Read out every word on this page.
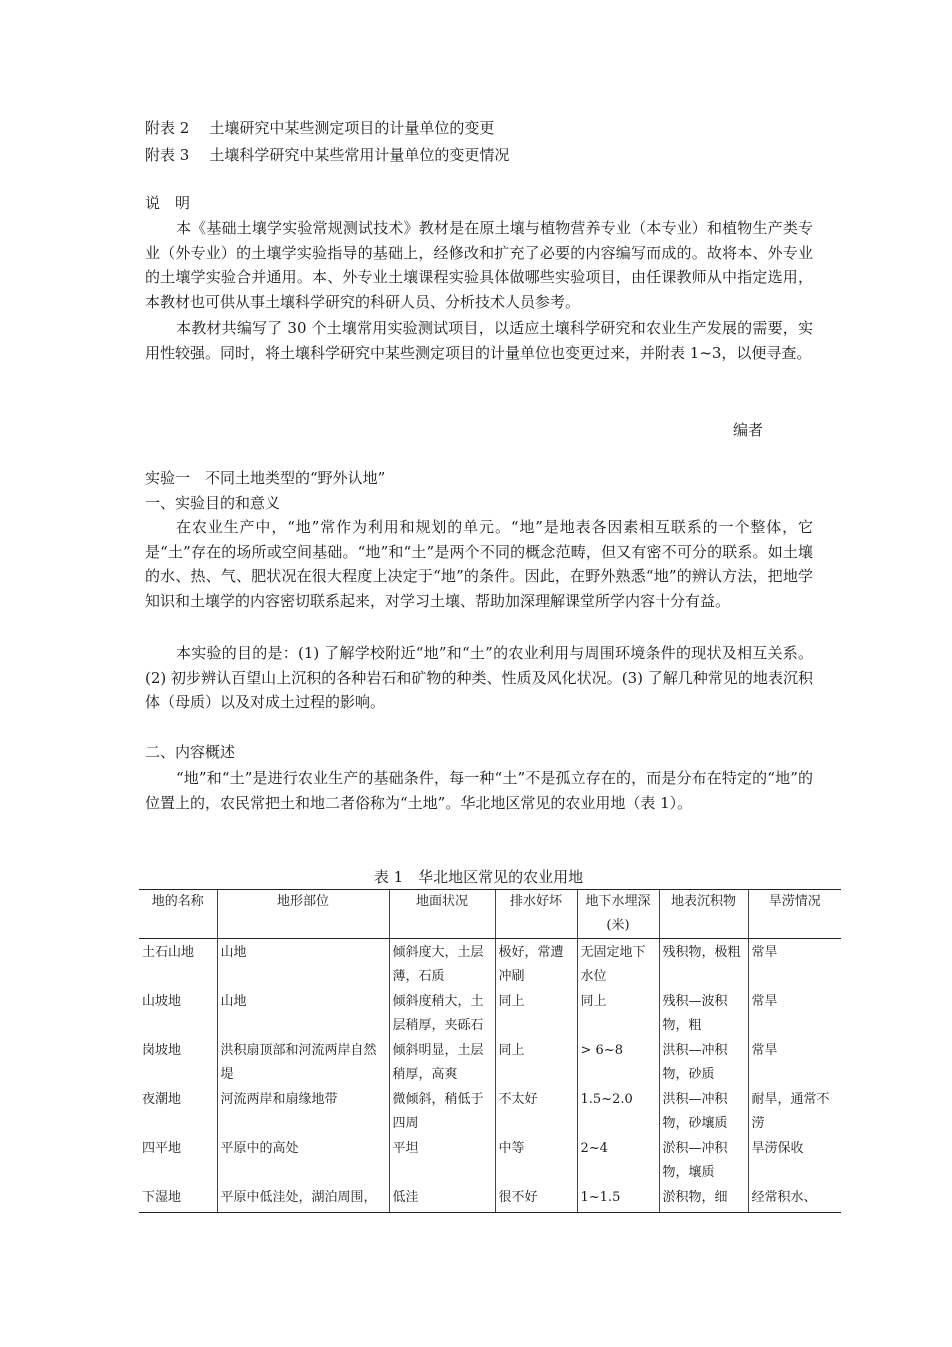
附表 2 土壤研究中某些测定项目的计量单位的变更
附表 3 土壤科学研究中某些常用计量单位的变更情况
说　明
本《基础土壤学实验常规测试技术》教材是在原土壤与植物营养专业（本专业）和植物生产类专业（外专业）的土壤学实验指导的基础上，经修改和扩充了必要的内容编写而成的。故将本、外专业的土壤学实验合并通用。本、外专业土壤课程实验具体做哪些实验项目，由任课教师从中指定选用，本教材也可供从事土壤科学研究的科研人员、分析技术人员参考。
本教材共编写了 30 个土壤常用实验测试项目，以适应土壤科学研究和农业生产发展的需要，实用性较强。同时，将土壤科学研究中某些测定项目的计量单位也变更过来，并附表 1~3，以便寻查。
编者
实验一　不同土地类型的“野外认地”
一、实验目的和意义
在农业生产中，“地”常作为利用和规划的单元。“地”是地表各因素相互联系的一个整体，它是“土”存在的场所或空间基础。“地”和“土”是两个不同的概念范畴，但又有密不可分的联系。如土壤的水、热、气、肥状况在很大程度上决定于“地”的条件。因此，在野外熟悉“地”的辨认方法，把地学知识和土壤学的内容密切联系起来，对学习土壤、帮助加深理解课堂所学内容十分有益。
本实验的目的是：(1) 了解学校附近“地”和“土”的农业利用与周围环境条件的现状及相互关系。(2) 初步辨认百望山上沉积的各种岩石和矿物的种类、性质及风化状况。(3) 了解几种常见的地表沉积体（母质）以及对成土过程的影响。
二、内容概述
“地”和“土”是进行农业生产的基础条件，每一种“土”不是孤立存在的，而是分布在特定的“地”的位置上的，农民常把土和地二者俗称为“土地”。华北地区常见的农业用地（表 1）。
表 1　华北地区常见的农业用地
地的名称	地形部位	地面状况	排水好坏	地下水埋深(米)	地表沉积物	旱涝情况
土石山地	山地	倾斜度大，土层薄，石质	极好，常遭冲刷	无固定地下水位	残积物，极粗	常旱
山坡地	山地	倾斜度稍大，土层稍厚，夹砾石	同上	同上	残积—波积物，粗	常旱
岗坡地	洪积扇顶部和河流两岸自然堤	倾斜明显，土层稍厚，高爽	同上	> 6~8	洪积—冲积物，砂质	常旱
夜潮地	河流两岸和扇缘地带	微倾斜，稍低于四周	不太好	1.5~2.0	洪积—冲积物，砂壤质	耐旱，通常不涝
四平地	平原中的高处	平坦	中等	2~4	淤积—冲积物，壤质	旱涝保收
下湿地	平原中低洼处，湖泊周围，	低洼	很不好	1~1.5	淤积物，细	经常积水、
